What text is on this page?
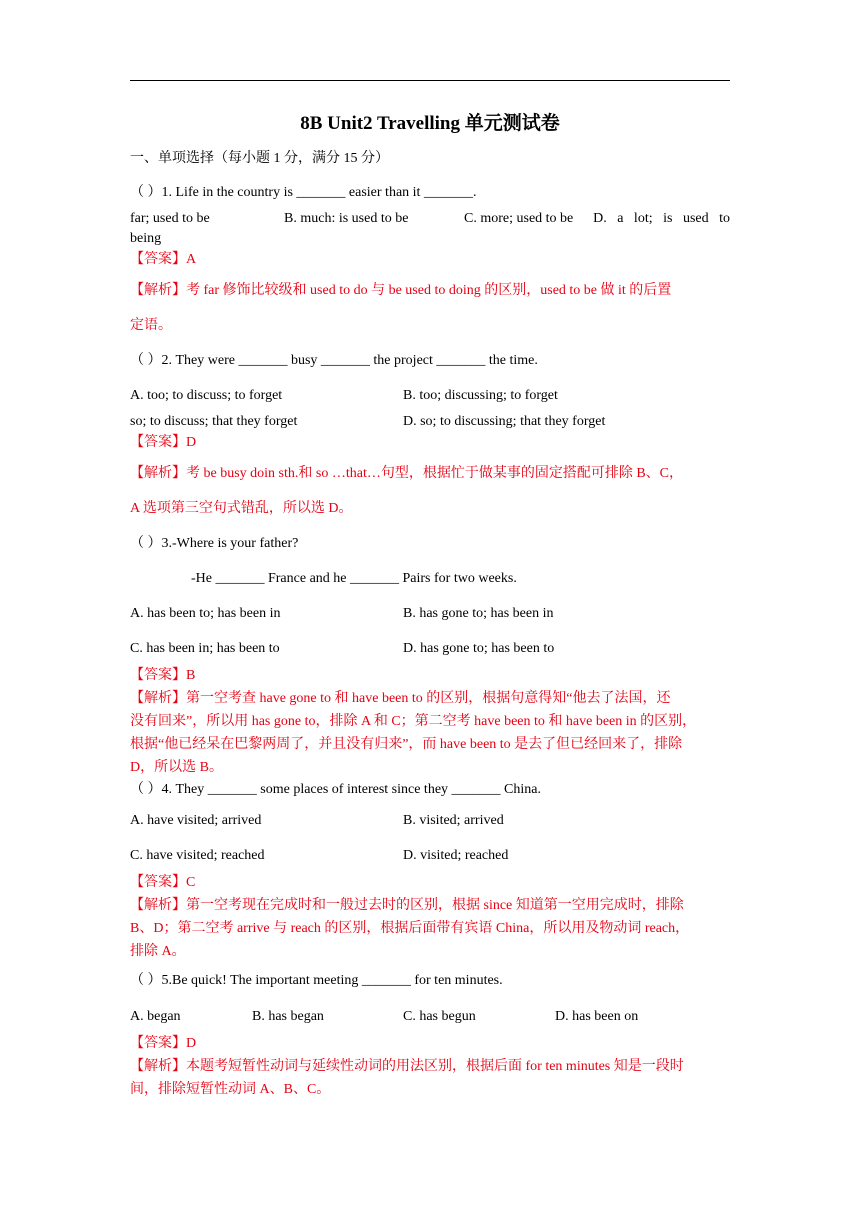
8B Unit2 Travelling 单元测试卷
一、单项选择（每小题 1 分，满分 15 分）
（ ）1. Life in the country is _______ easier than it _______.
far; used to be	B. much: is used to be	C. more; used to be	D.   a   lot;   is   used   to
being
【答案】A
【解析】考 far 修饰比较级和 used to do 与 be used to doing 的区别，used to be 做 it 的后置
定语。
（ ）2. They were _______ busy _______ the project _______ the time.
A. too; to discuss; to forget	B. too; discussing; to forget
so; to discuss; that they forget	D. so; to discussing; that they forget
【答案】D
【解析】考 be busy doin sth.和 so …that…句型，根据忙于做某事的固定搭配可排除 B、C，
A 选项第三空句式错乱，所以选 D。
（ ）3.-Where is your father?
-He _______ France and he _______ Pairs for two weeks.
A. has been to; has been in	B. has gone to; has been in
C. has been in; has been to	D. has gone to; has been to
【答案】B
【解析】第一空考查 have gone to 和 have been to 的区别，根据句意得知“他去了法国，还
没有回来”，所以用 has gone to，排除 A 和 C；第二空考 have been to 和 have been in 的区别，
根据“他已经呆在巴黎两周了，并且没有归来”，而 have been to 是去了但已经回来了，排除
D，所以选 B。
（ ）4. They _______ some places of interest since they _______ China.
A. have visited; arrived	B. visited; arrived
C. have visited; reached	D. visited; reached
【答案】C
【解析】第一空考现在完成时和一般过去时的区别，根据 since 知道第一空用完成时，排除
B、D；第二空考 arrive 与 reach 的区别，根据后面带有宾语 China，所以用及物动词 reach，
排除 A。
（ ）5.Be quick! The important meeting _______ for ten minutes.
A. began	B. has began	C. has begun	D. has been on
【答案】D
【解析】本题考短暂性动词与延续性动词的用法区别，根据后面 for ten minutes 知是一段时
间，排除短暂性动词 A、B、C。
